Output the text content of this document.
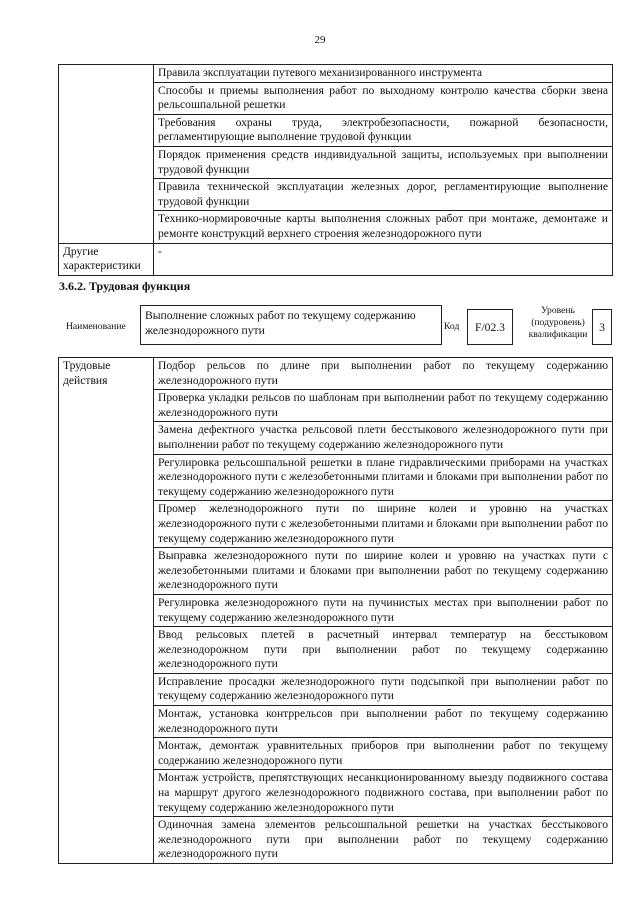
29
	Правила эксплуатации путевого механизированного инструмента
	Способы и приемы выполнения работ по выходному контролю качества сборки звена рельсошпальной решетки
	Требования охраны труда, электробезопасности, пожарной безопасности, регламентирующие выполнение трудовой функции
	Порядок применения средств индивидуальной защиты, используемых при выполнении трудовой функции
	Правила технической эксплуатации железных дорог, регламентирующие выполнение трудовой функции
	Технико-нормировочные карты выполнения сложных работ при монтаже, демонтаже и ремонте конструкций верхнего строения железнодорожного пути
Другие характеристики	-
3.6.2. Трудовая функция
Наименование
Выполнение сложных работ по текущему содержанию железнодорожного пути	Код	F/02.3
Уровень (подуровень) квалификации
3
Трудовые действия	Подбор рельсов по длине при выполнении работ по текущему содержанию железнодорожного пути
Проверка укладки рельсов по шаблонам при выполнении работ по текущему содержанию железнодорожного пути
Замена дефектного участка рельсовой плети бесстыкового железнодорожного пути при выполнении работ по текущему содержанию железнодорожного пути
Регулировка рельсошпальной решетки в плане гидравлическими приборами на участках железнодорожного пути с железобетонными плитами и блоками при выполнении работ по текущему содержанию железнодорожного пути
Промер железнодорожного пути по ширине колеи и уровню на участках железнодорожного пути с железобетонными плитами и блоками при выполнении работ по текущему содержанию железнодорожного пути
Выправка железнодорожного пути по ширине колеи и уровню на участках пути с железобетонными плитами и блоками при выполнении работ по текущему содержанию железнодорожного пути
Регулировка железнодорожного пути на пучинистых местах при выполнении работ по текущему содержанию железнодорожного пути
Ввод рельсовых плетей в расчетный интервал температур на бесстыковом железнодорожном пути при выполнении работ по текущему содержанию железнодорожного пути
Исправление просадки железнодорожного пути подсыпкой при выполнении работ по текущему содержанию железнодорожного пути
Монтаж, установка контррельсов при выполнении работ по текущему содержанию железнодорожного пути
Монтаж, демонтаж уравнительных приборов при выполнении работ по текущему содержанию железнодорожного пути
Монтаж устройств, препятствующих несанкционированному выезду подвижного состава на маршрут другого железнодорожного подвижного состава, при выполнении работ по текущему содержанию железнодорожного пути
Одиночная замена элементов рельсошпальной решетки на участках бесстыкового железнодорожного пути при выполнении работ по текущему содержанию железнодорожного пути
